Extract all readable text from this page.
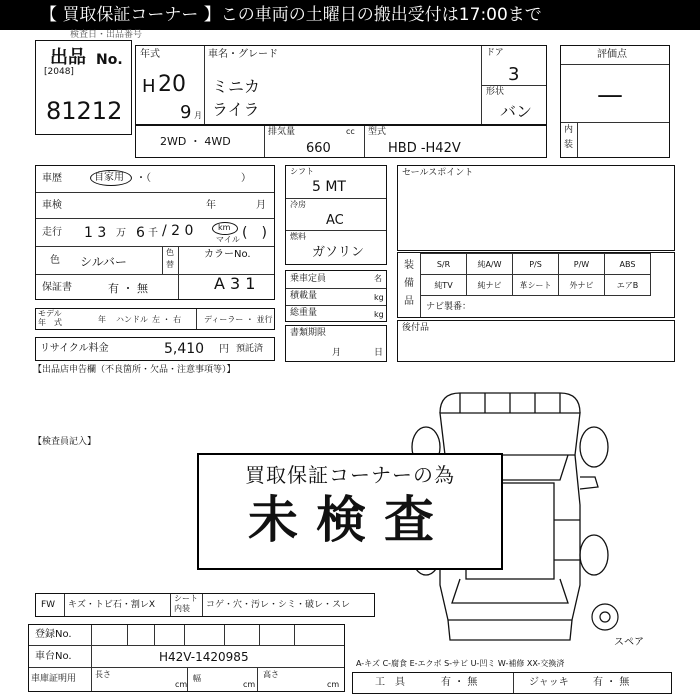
【 買取保証コーナー 】この車両の土曜日の搬出受付は17:00まで
検査日・出品番号
出品 No.
[2048]
81212
年式
H 20
9 月
車名・グレード
ミニカ
ライラ
ドア
3
形状
バン
評価点
—
内
装
2WD ・ 4WD
排気量	cc
660
型式
HBD -H42V
車歴	自家用 ・（　　　　　　　　　）
車検	年	月
走行 1 3 万 6 千 / 2 0	km
マイル (　)
色 シルバー
色
替
カラーNo.
A 3 1
保証書	有 ・ 無
モデル
年　式	年 ハンドル 左 ・ 右	ディーラー ・ 並行
リサイクル料金	5,410 円 預託済
シフト
5 MT
冷房
AC
燃料
ガソリン
乗車定員	名
積載量	kg
総重量	kg
書類期限
月	日
セールスポイント
装
備
品
S/R	純A/W	P/S	P/W	ABS
純TV	純ナビ	革シート	外ナビ	エアB
ナビ製番：
後付品
【出品店申告欄（不良箇所・欠品・注意事項等）】
【検査員記入】
買取保証コーナーの為
未検査
FW キズ・トビ石・割レX
シート
内装 コゲ・穴・汚レ・シミ・破レ・スレ
登録No.
車台No.	H42V-1420985
車庫証明用 長さ
cm
幅
cm
高さ
cm
スペア
A-キズ C-腐食 E-エクボ S-サビ U-凹ミ W-補修 XX-交換済
工　具	有 ・ 無	ジャッキ 有 ・ 無
